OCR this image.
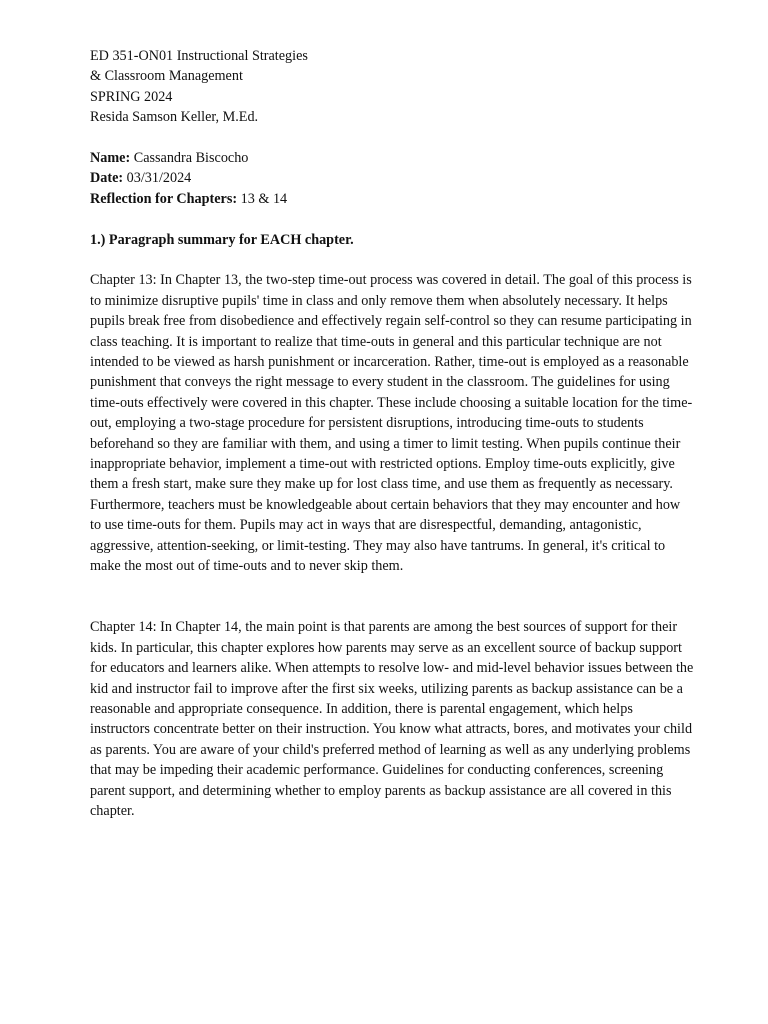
ED 351-ON01 Instructional Strategies
& Classroom Management
SPRING 2024
Resida Samson Keller, M.Ed.
Name: Cassandra Biscocho
Date: 03/31/2024
Reflection for Chapters: 13 & 14
1.) Paragraph summary for EACH chapter.

Chapter 13: In Chapter 13, the two-step time-out process was covered in detail. The goal of this process is to minimize disruptive pupils' time in class and only remove them when absolutely necessary. It helps pupils break free from disobedience and effectively regain self-control so they can resume participating in class teaching. It is important to realize that time-outs in general and this particular technique are not intended to be viewed as harsh punishment or incarceration. Rather, time-out is employed as a reasonable punishment that conveys the right message to every student in the classroom. The guidelines for using time-outs effectively were covered in this chapter. These include choosing a suitable location for the time-out, employing a two-stage procedure for persistent disruptions, introducing time-outs to students beforehand so they are familiar with them, and using a timer to limit testing. When pupils continue their inappropriate behavior, implement a time-out with restricted options. Employ time-outs explicitly, give them a fresh start, make sure they make up for lost class time, and use them as frequently as necessary. Furthermore, teachers must be knowledgeable about certain behaviors that they may encounter and how to use time-outs for them. Pupils may act in ways that are disrespectful, demanding, antagonistic, aggressive, attention-seeking, or limit-testing. They may also have tantrums. In general, it's critical to make the most out of time-outs and to never skip them.

Chapter 14: In Chapter 14, the main point is that parents are among the best sources of support for their kids. In particular, this chapter explores how parents may serve as an excellent source of backup support for educators and learners alike. When attempts to resolve low- and mid-level behavior issues between the kid and instructor fail to improve after the first six weeks, utilizing parents as backup assistance can be a reasonable and appropriate consequence. In addition, there is parental engagement, which helps instructors concentrate better on their instruction. You know what attracts, bores, and motivates your child as parents. You are aware of your child's preferred method of learning as well as any underlying problems that may be impeding their academic performance. Guidelines for conducting conferences, screening parent support, and determining whether to employ parents as backup assistance are all covered in this chapter.
